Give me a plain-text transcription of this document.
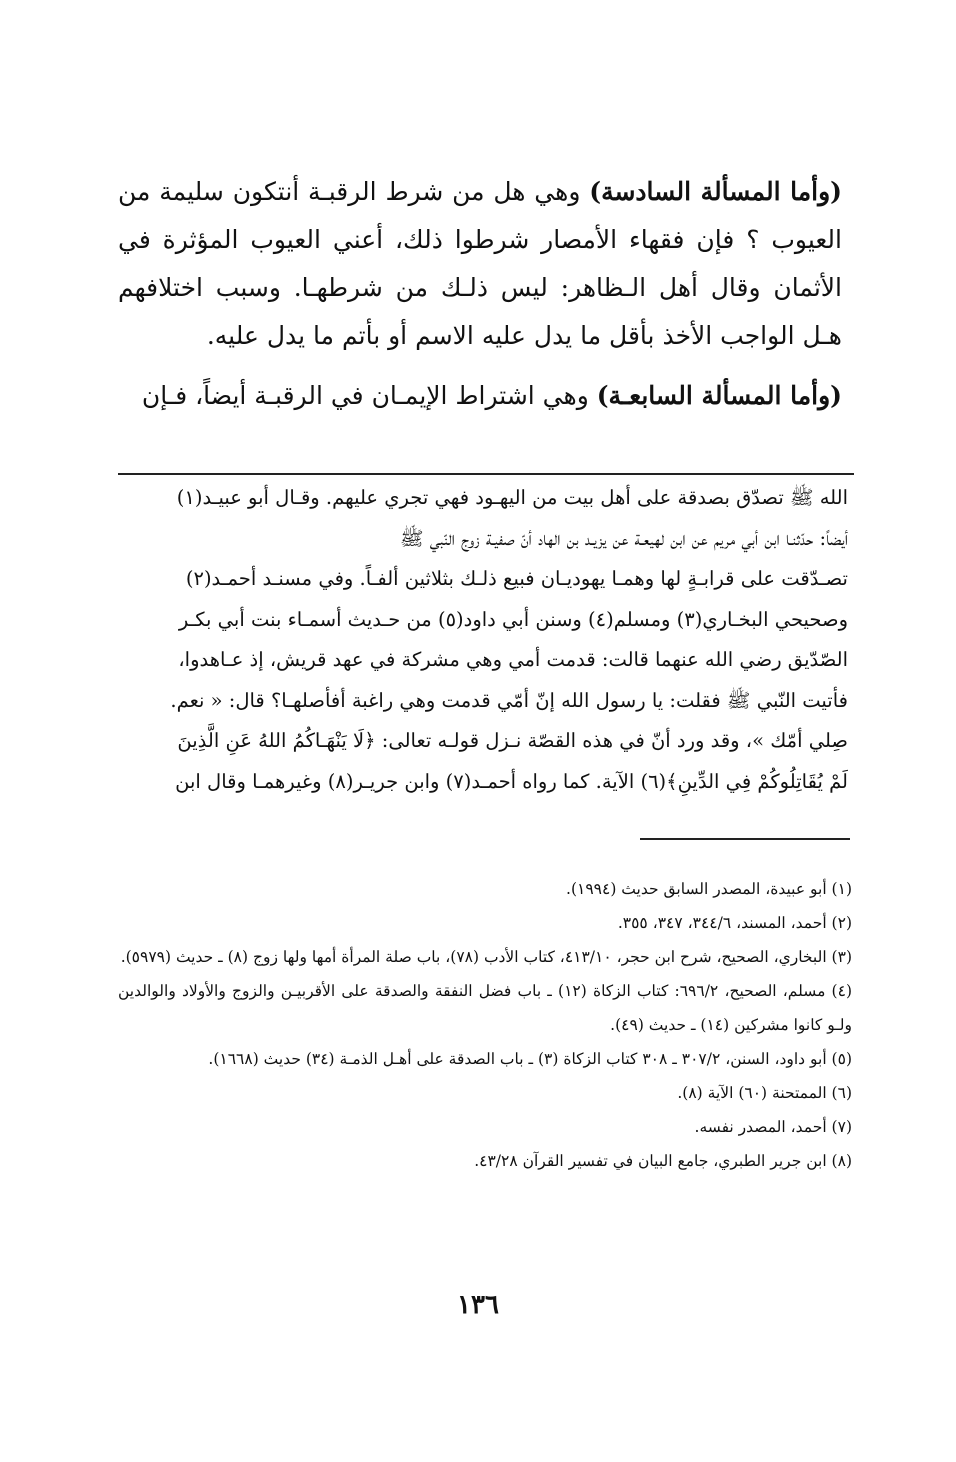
(وأما المسألة السادسة) وهي هل من شرط الرقبـة أنتكون سليمة من العيوب ؟ فإن فقهاء الأمصار شرطوا ذلك، أعني العيوب المؤثرة في الأثمان وقال أهل الـظاهر: ليس ذلـك من شرطهـا. وسبب اختلافهم هـل الواجب الأخذ بأقل ما يدل عليه الاسم أو بأتم ما يدل عليه.

(وأما المسألة السابعـة) وهي اشتراط الإيمـان في الرقبـة أيضاً، فـإن

الله ﷺ تصدّق بصدقة على أهل بيت من اليهـود فهي تجري عليهم. وقـال أبو عبيـد(١)
أيضاً: حدّثنـا ابن أبي مريم عن ابن لهيعـة عن يزيـد بن الهاد أنّ صفيـة زوج النّبي ﷺ
تصـدّقت على قرابـةٍ لها وهمـا يهوديـان فبيع ذلـك بثلاثين ألفـاً. وفي مسنـد أحمـد(٢)
وصحيحي البخـاري(٣) ومسلم(٤) وسنن أبي داود(٥) من حـديث أسمـاء بنت أبي بكـر
الصّدّيق رضي الله عنهما قالت: قدمت أمي وهي مشركة في عهد قريش، إذ عـاهدوا،
فأتيت النّبي ﷺ فقلت: يا رسول الله إنّ أمّي قدمت وهي راغبة أفأصلهـا؟ قال: « نعم.
صِلي أمّك »، وقد ورد أنّ في هذه القصّة نـزل قولـه تعالى: ﴿لَا يَنْهَـاكُمُ اللهُ عَنِ الَّذِينَ
لَمْ يُقَاتِلُوكُمْ فِي الدِّينِ﴾(٦) الآية. كما رواه أحمـد(٧) وابن جريـر(٨) وغيرهمـا وقال ابن

(١) أبو عبيدة، المصدر السابق حديث (١٩٩٤).

(٢) أحمد، المسند، ٣٤٤/٦، ٣٤٧، ٣٥٥.

(٣) البخاري، الصحيح، شرح ابن حجر، ٤١٣/١٠، كتاب الأدب (٧٨)، باب صلة المرأة أمها ولها زوج (٨) ـ حديث (٥٩٧٩).

(٤) مسلم، الصحيح، ٦٩٦/٢: كتاب الزكاة (١٢) ـ باب فضل النفقة والصدقة على الأقربيـن والزوج والأولاد والوالدين ولـو كانوا مشركين (١٤) ـ حديث (٤٩).

(٥) أبو داود، السنن، ٣٠٧/٢ ـ ٣٠٨ كتاب الزكاة (٣) ـ باب الصدقة على أهـل الذمـة (٣٤) حديث (١٦٦٨).

(٦) الممتحنة (٦٠) الآية (٨).

(٧) أحمد، المصدر نفسه.

(٨) ابن جرير الطبري، جامع البيان في تفسير القرآن ٤٣/٢٨.

١٣٦
